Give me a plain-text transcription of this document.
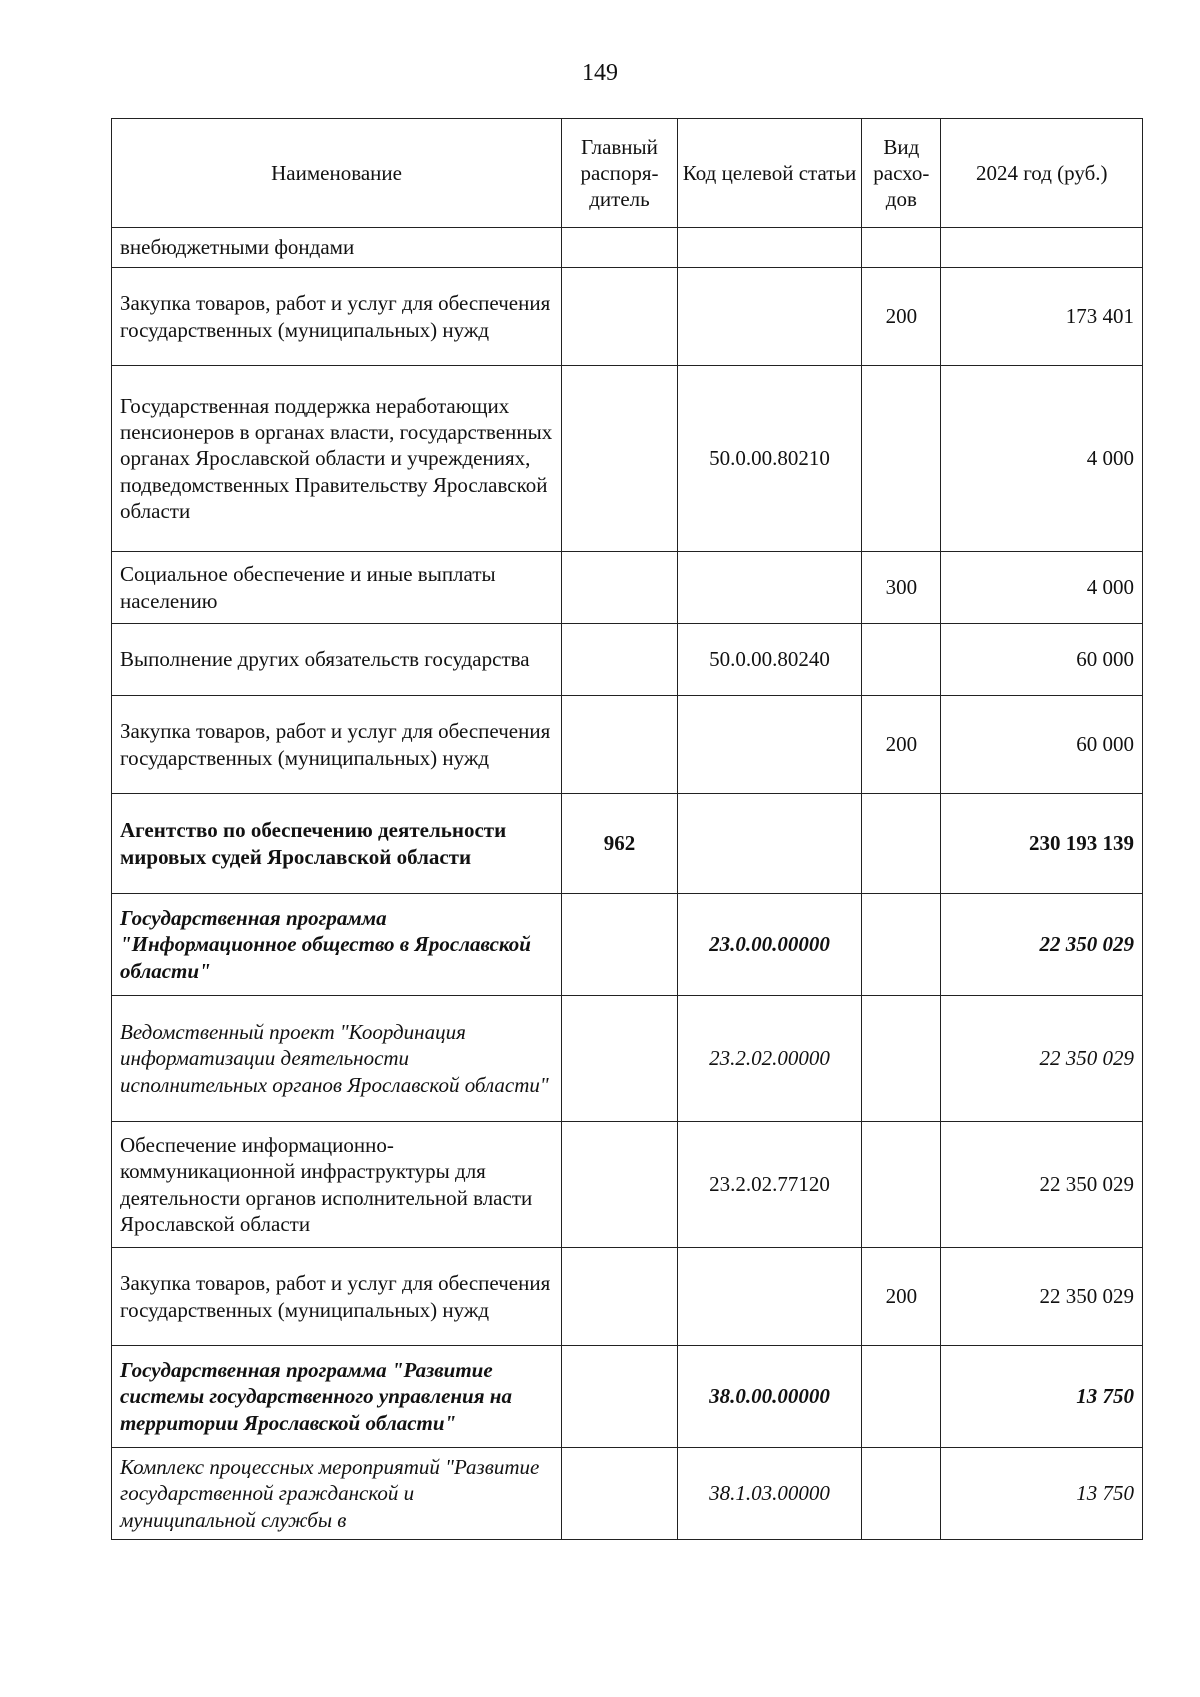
149
Наименование	Главный распоря-дитель	Код целевой статьи	Вид расхо-дов	2024 год (руб.)
внебюджетными фондами				
Закупка товаров, работ и услуг для обеспечения государственных (муниципальных) нужд			200	173 401
Государственная поддержка неработающих пенсионеров в органах власти, государственных органах Ярославской области и учреждениях, подведомственных Правительству Ярославской области		50.0.00.80210		4 000
Социальное обеспечение и иные выплаты населению			300	4 000
Выполнение других обязательств государства		50.0.00.80240		60 000
Закупка товаров, работ и услуг для обеспечения государственных (муниципальных) нужд			200	60 000
Агентство по обеспечению деятельности мировых судей Ярославской области	962			230 193 139
Государственная программа "Информационное общество в Ярославской области"		23.0.00.00000		22 350 029
Ведомственный проект "Координация информатизации деятельности исполнительных органов Ярославской области"		23.2.02.00000		22 350 029
Обеспечение информационно-коммуникационной инфраструктуры для деятельности органов исполнительной власти Ярославской области		23.2.02.77120		22 350 029
Закупка товаров, работ и услуг для обеспечения государственных (муниципальных) нужд			200	22 350 029
Государственная программа "Развитие системы государственного управления на территории Ярославской области"		38.0.00.00000		13 750
Комплекс процессных мероприятий "Развитие государственной гражданской и муниципальной службы в		38.1.03.00000		13 750
